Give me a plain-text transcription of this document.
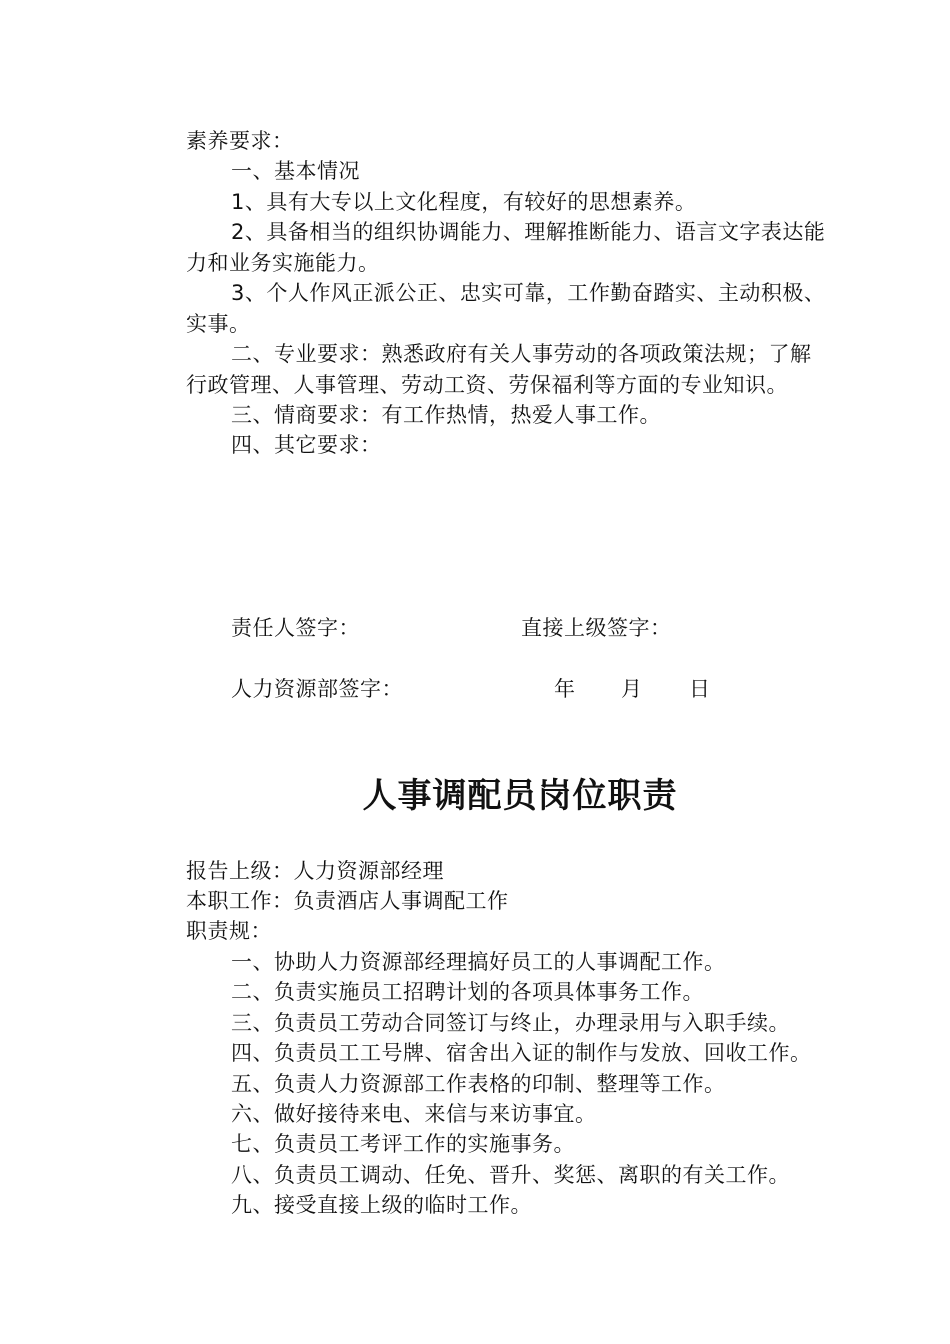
素养要求：
一、基本情况
1、具有大专以上文化程度，有较好的思想素养。
2、具备相当的组织协调能力、理解推断能力、语言文字表达能
力和业务实施能力。
3、个人作风正派公正、忠实可靠，工作勤奋踏实、主动积极、
实事。
二、专业要求：熟悉政府有关人事劳动的各项政策法规；了解
行政管理、人事管理、劳动工资、劳保福利等方面的专业知识。
三、情商要求：有工作热情，热爱人事工作。
四、其它要求：
责任人签字：	直接上级签字：
人力资源部签字：	年 月 日
人事调配员岗位职责
报告上级：人力资源部经理
本职工作：负责酒店人事调配工作
职责规：
一、协助人力资源部经理搞好员工的人事调配工作。
二、负责实施员工招聘计划的各项具体事务工作。
三、负责员工劳动合同签订与终止，办理录用与入职手续。
四、负责员工工号牌、宿舍出入证的制作与发放、回收工作。
五、负责人力资源部工作表格的印制、整理等工作。
六、做好接待来电、来信与来访事宜。
七、负责员工考评工作的实施事务。
八、负责员工调动、任免、晋升、奖惩、离职的有关工作。
九、接受直接上级的临时工作。
